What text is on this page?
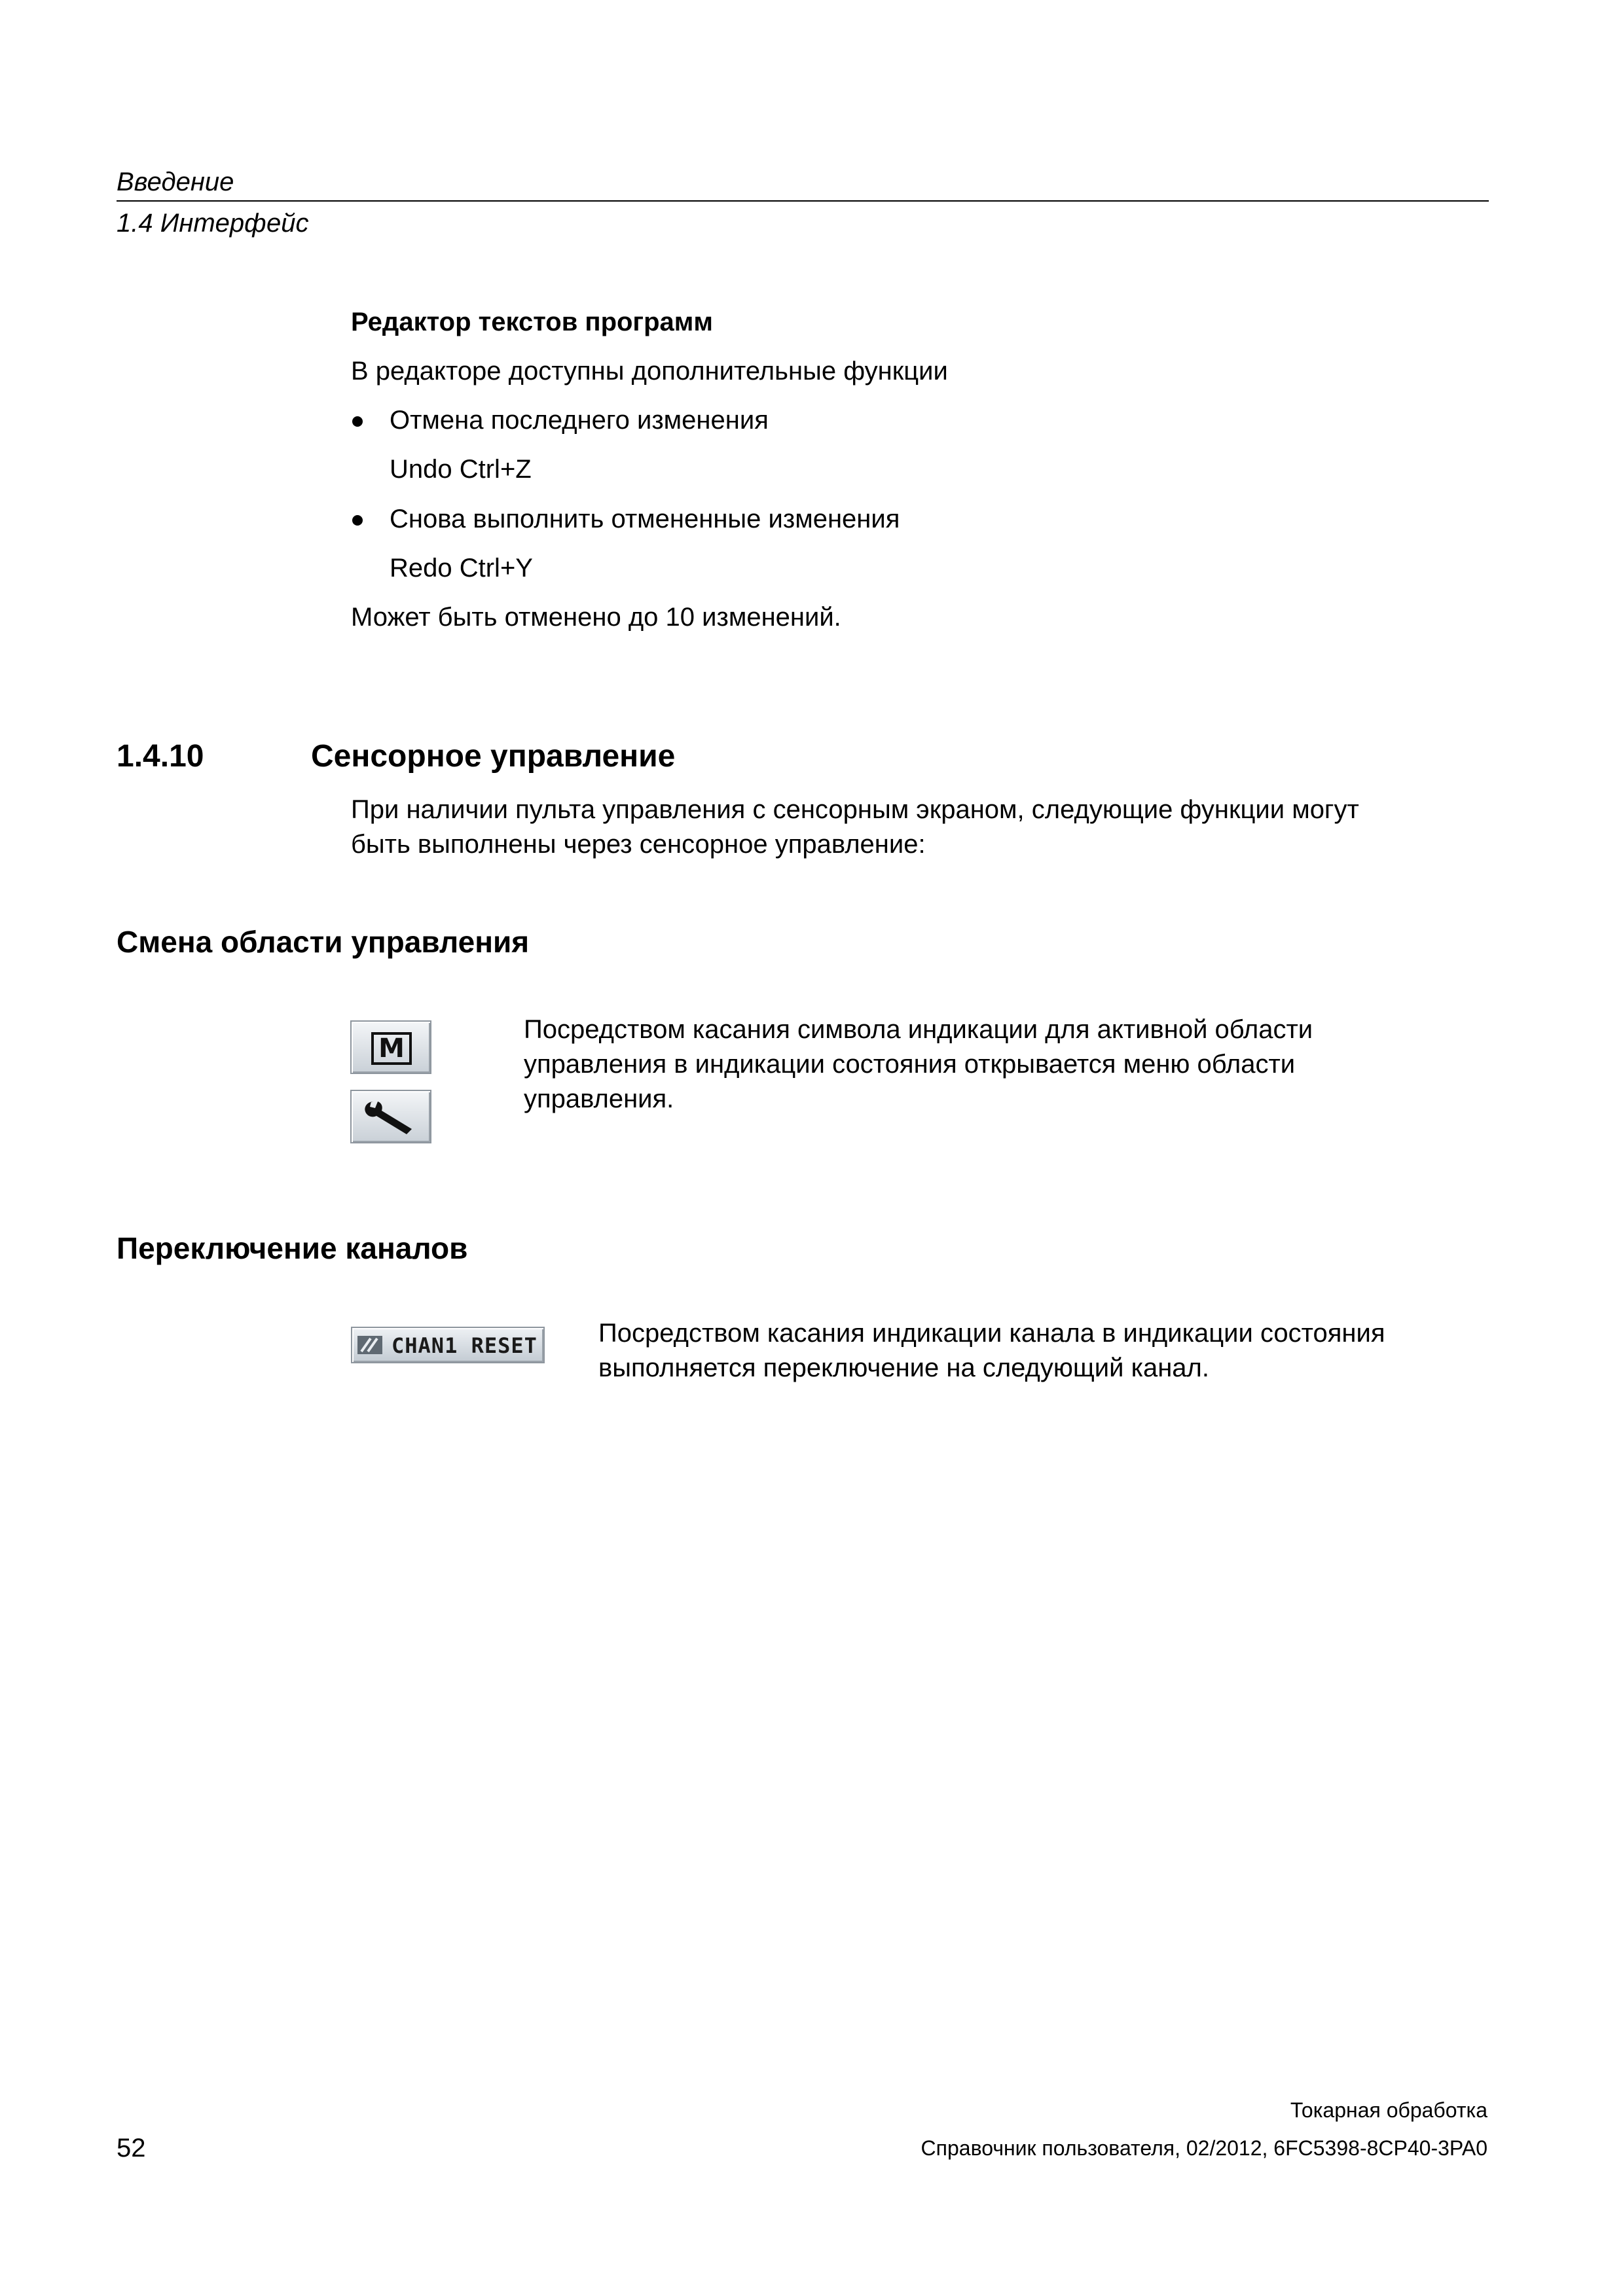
Введение
1.4 Интерфейс
Редактор текстов программ
В редакторе доступны дополнительные функции
Отмена последнего изменения
Undo Ctrl+Z
Снова выполнить отмененные изменения
Redo Ctrl+Y
Может быть отменено до 10 изменений.
1.4.10	Сенсорное управление
При наличии пульта управления с сенсорным экраном, следующие функции могут
быть выполнены через сенсорное управление:
Смена области управления
M
Посредством касания символа индикации для активной области
управления в индикации состояния открывается меню области
управления.
Переключение каналов
CHAN1 RESET Посредством касания индикации канала в индикации состояния
выполняется переключение на следующий канал.
Токарная обработка
52	Справочник пользователя, 02/2012, 6FC5398-8CP40-3PA0
